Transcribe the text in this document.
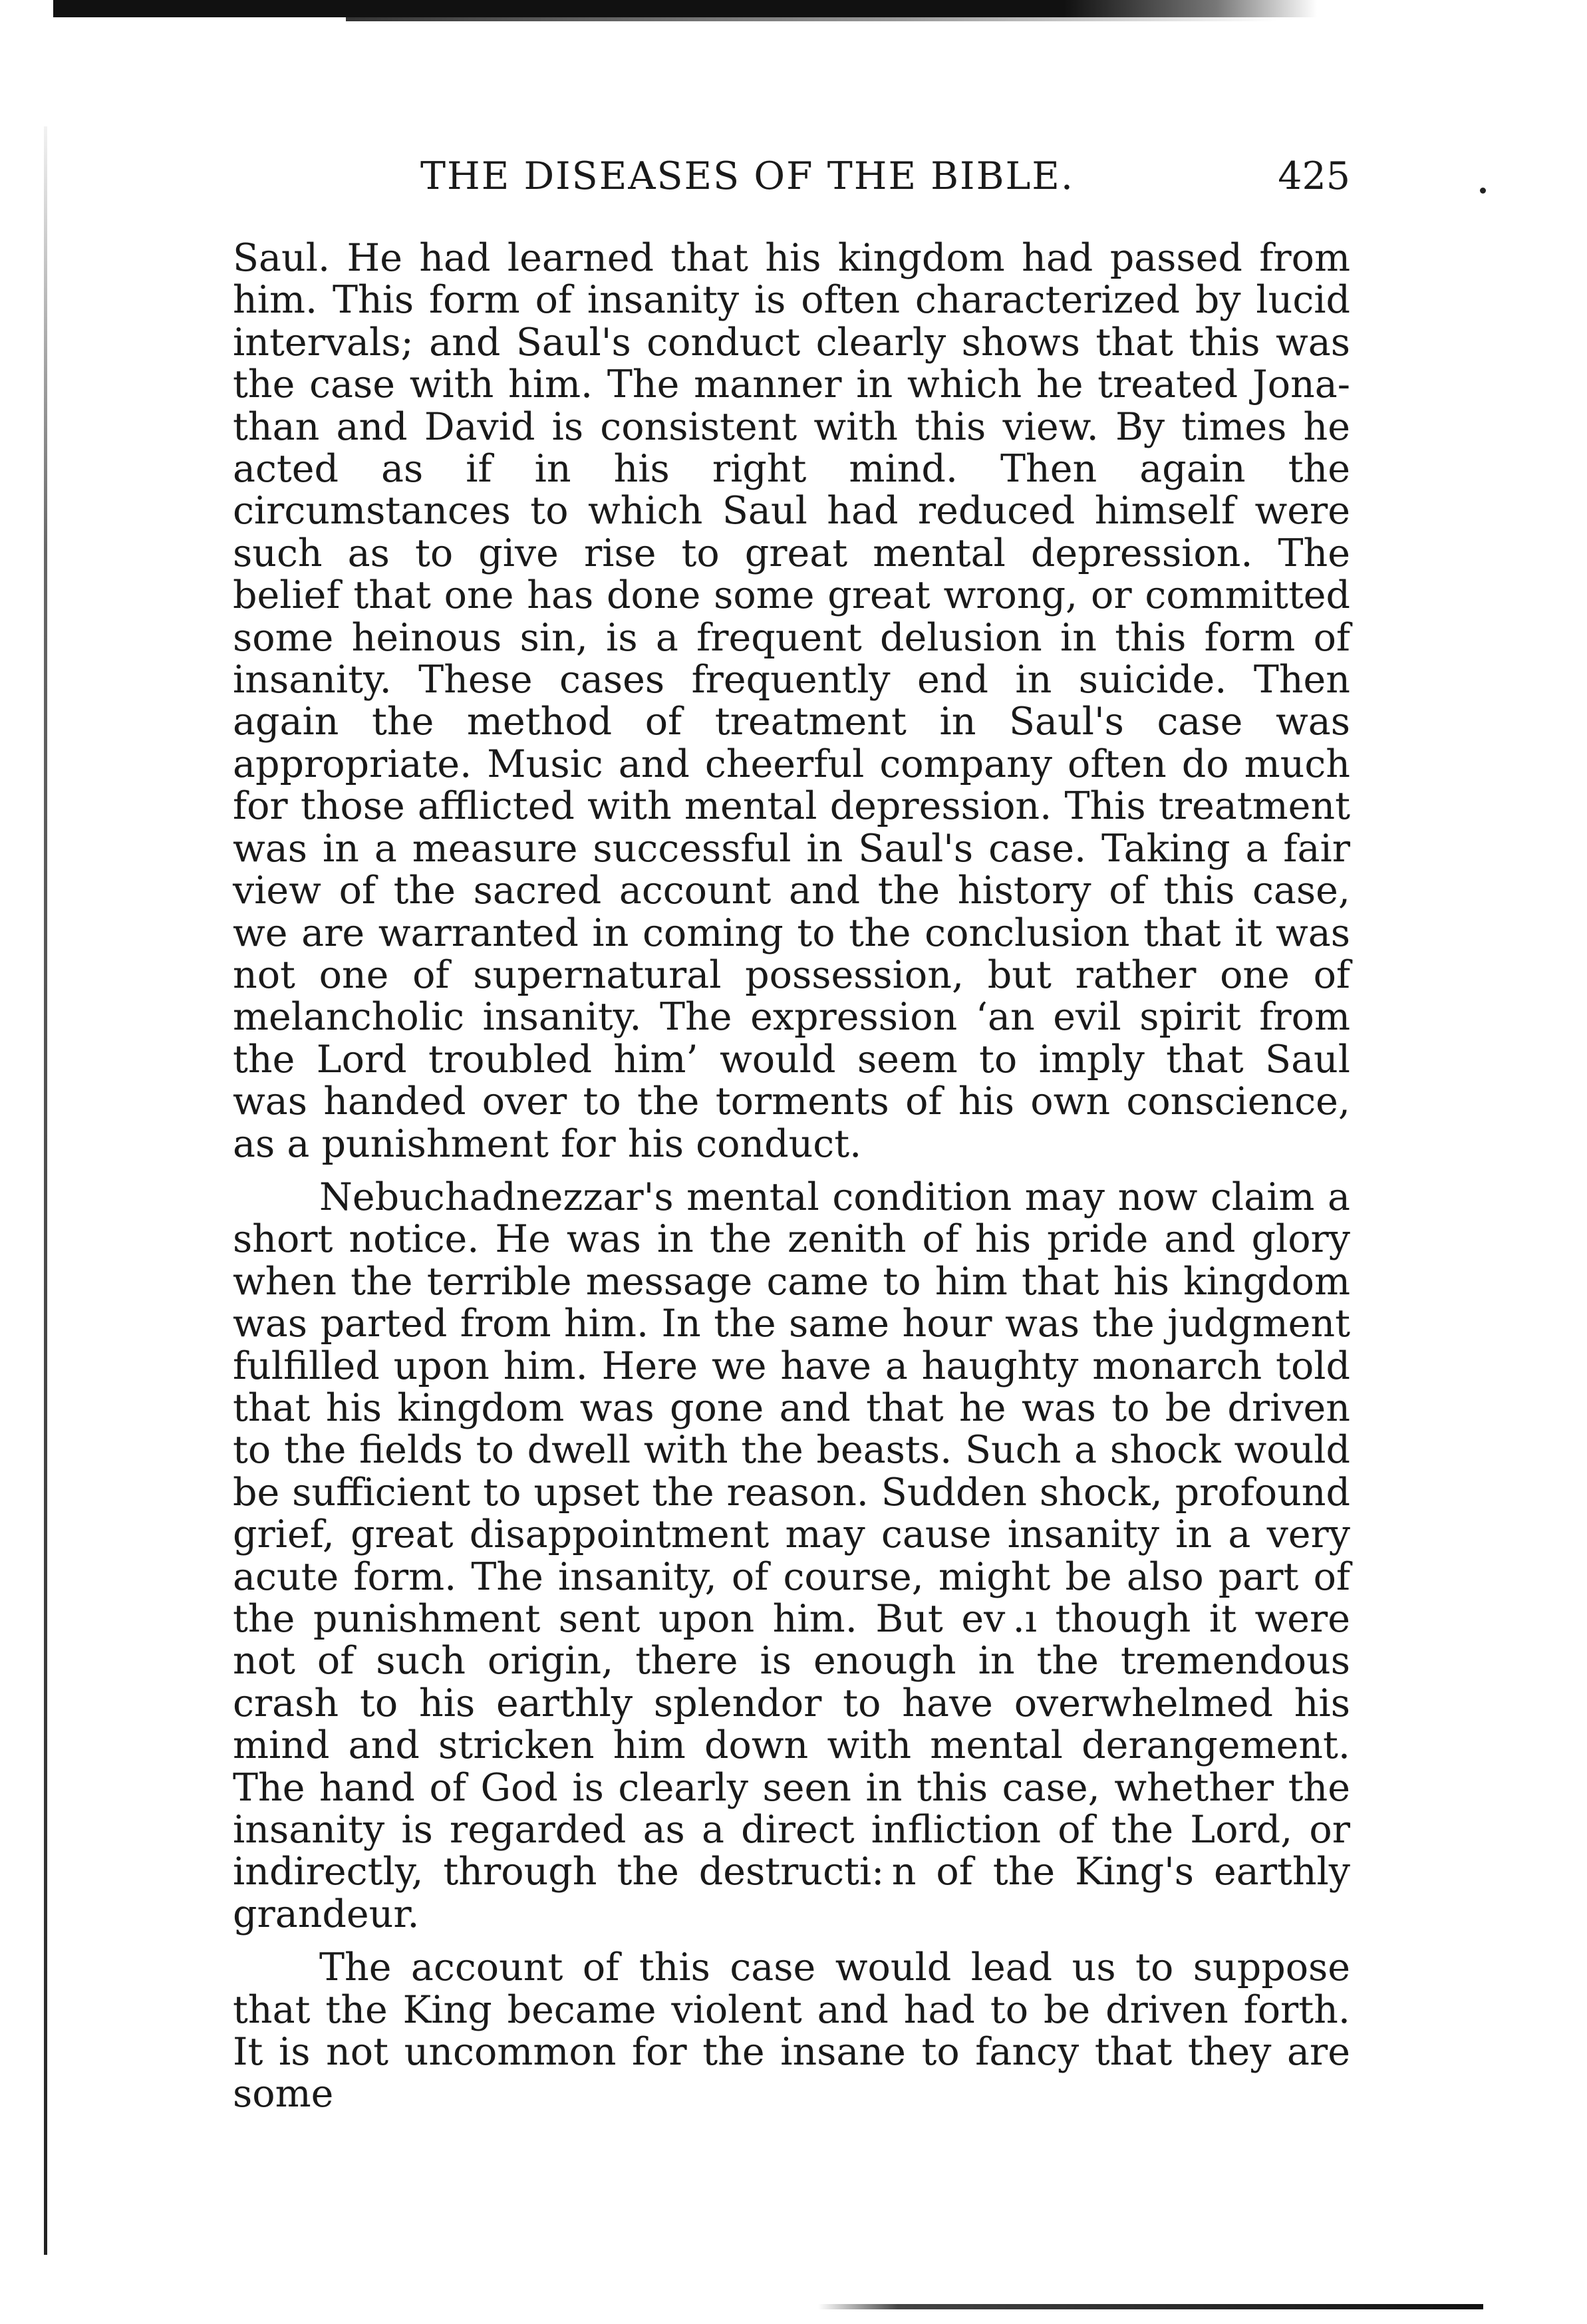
THE DISEASES OF THE BIBLE.	425

Saul. He had learned that his kingdom had passed from him. This form of insanity is often characterized by lucid intervals; and Saul's conduct clearly shows that this was the case with him. The manner in which he treated Jonathan and David is consistent with this view. By times he acted as if in his right mind. Then again the circumstances to which Saul had reduced himself were such as to give rise to great mental depression. The belief that one has done some great wrong, or committed some heinous sin, is a frequent delusion in this form of insanity. These cases frequently end in suicide. Then again the method of treatment in Saul's case was appropriate. Music and cheerful company often do much for those afflicted with mental depression. This treatment was in a measure successful in Saul's case. Taking a fair view of the sacred account and the history of this case, we are warranted in coming to the conclusion that it was not one of supernatural possession, but rather one of melancholic insanity. The expression ‘an evil spirit from the Lord troubled him’ would seem to imply that Saul was handed over to the torments of his own conscience, as a punishment for his conduct.

Nebuchadnezzar's mental condition may now claim a short notice. He was in the zenith of his pride and glory when the terrible message came to him that his kingdom was parted from him. In the same hour was the judgment fulfilled upon him. Here we have a haughty monarch told that his kingdom was gone and that he was to be driven to the fields to dwell with the beasts. Such a shock would be sufficient to upset the reason. Sudden shock, profound grief, great disappointment may cause insanity in a very acute form. The insanity, of course, might be also part of the punishment sent upon him. But ev .ı though it were not of such origin, there is enough in the tremendous crash to his earthly splendor to have overwhelmed his mind and stricken him down with mental derangement. The hand of God is clearly seen in this case, whether the insanity is regarded as a direct infliction of the Lord, or indirectly, through the destructi: n of the King's earthly grandeur.

The account of this case would lead us to suppose that the King became violent and had to be driven forth. It is not uncommon for the insane to fancy that they are some
